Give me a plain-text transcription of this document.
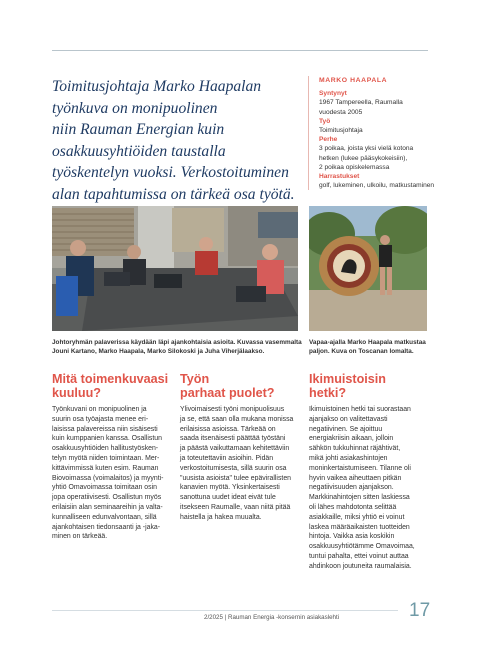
Toimitusjohtaja Marko Haapalan
työnkuva on monipuolinen
niin Rauman Energian kuin
osakkuusyhtiöiden taustalla
työskentelyn vuoksi. Verkostoituminen
alan tapahtumissa on tärkeä osa työtä.
MARKO HAAPALA
Syntynyt
1967 Tampereella, Raumalla
vuodesta 2005
Työ
Toimitusjohtaja
Perhe
3 poikaa, joista yksi vielä kotona
hetken (lukee pääsykokeisiin),
2 poikaa opiskelemassa
Harrastukset
golf, lukeminen, ulkoilu, matkustaminen
Johtoryhmän palaverissa käydään läpi ajankohtaisia asioita. Kuvassa vasemmalta
Jouni Kartano, Marko Haapala, Marko Silokoski ja Juha Viherjälaakso.
Vapaa-ajalla Marko Haapala matkustaa
paljon. Kuva on Toscanan lomalta.
Mitä toimenkuvaasi
kuuluu?
Työn
parhaat puolet?
Ikimuistoisin
hetki?
Työnkuvani on monipuolinen ja
suurin osa työajasta menee eri-
laisissa palavereissa niin sisäisesti
kuin kumppanien kanssa. Osallistun
osakkuusyhtiöiden hallitustyösken-
telyn myötä niiden toimintaan. Mer-
kittävimmissä kuten esim. Rauman
Biovoimassa (voimalaitos) ja myynti-
yhtiö Omavoimassa toimitaan osin
jopa operatiivisesti. Osallistun myös
erilaisiin alan seminaareihin ja valta-
kunnalliseen edunvalvontaan, sillä
ajankohtaisen tiedonsaanti ja -jaka-
minen on tärkeää.
Ylivoimaisesti työni monipuolisuus
ja se, että saan olla mukana monissa
erilaisissa asioissa. Tärkeää on
saada itsenäisesti päättää työstäni
ja päästä vaikuttamaan kehitettäviin
ja toteutettaviin asioihin. Pidän
verkostoitumisesta, sillä suurin osa
"uusista asioista" tulee epävirallisten
kanavien myötä. Yksinkertaisesti
sanottuna uudet ideat eivät tule
itsekseen Raumalle, vaan niitä pitää
haistella ja hakea muualta.
Ikimuistoinen hetki tai suorastaan
ajanjakso on valitettavasti
negatiivinen. Se ajoittuu
energiakriisin aikaan, jolloin
sähkön tukkuhinnat räjähtivät,
mikä johti asiakashintojen
moninkertaistumiseen. Tilanne oli
hyvin vaikea aiheuttaen pitkän
negatiivisuuden ajanjakson.
Markkinahintojen sitten laskiessa
oli lähes mahdotonta selittää
asiakkaille, miksi yhtiö ei voinut
laskea määräaikaisten tuotteiden
hintoja. Vaikka asia koskikin
osakkuusyhtiötämme Omavoimaa,
tuntui pahalta, ettei voinut auttaa
ahdinkoon joutuneita raumalaisia.
2/2025 | Rauman Energia -konsernin asiakaslehti	17
